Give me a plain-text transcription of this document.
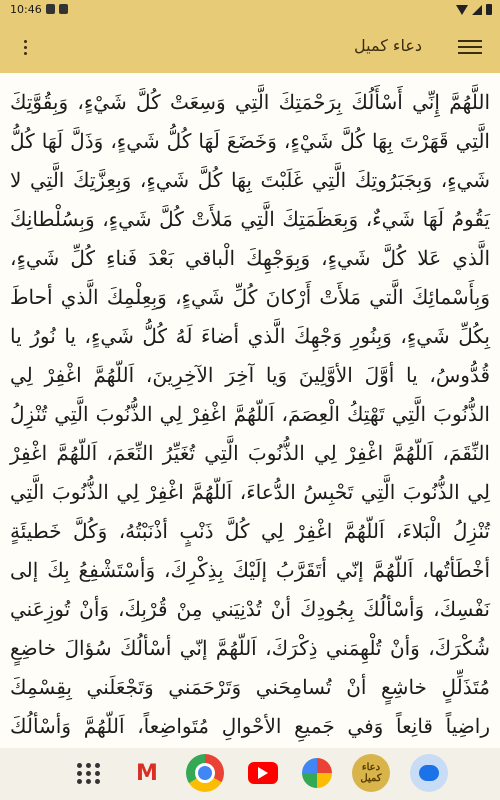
10:46
دعاء كميل

اللَّهُمَّ إِنِّي أَسْأَلُكَ بِرَحْمَتِكَ الَّتِي وَسِعَتْ كُلَّ شَيْءٍ، وَبِقُوَّتِكَ الَّتِي قَهَرْتَ بِهَا كُلَّ شَيْءٍ، وَخَضَعَ لَهَا كُلُّ شَيءٍ، وَذَلَّ لَهَا كُلُّ شَيءٍ، وَبِجَبَرُوتِكَ الَّتِي غَلَبْتَ بِهَا كُلَّ شَيءٍ، وَبِعِزَّتِكَ الَّتِي لا يَقُومُ لَهَا شَيءٌ، وَبِعَظَمَتِكَ الَّتِي مَلأَتْ كُلَّ شَيءٍ، وَبِسُلْطانِكَ الَّذي عَلا كُلَّ شَيءٍ، وَبِوَجْهِكَ الْباقي بَعْدَ فَناءِ كُلِّ شَيءٍ، وَبِأَسْمائِكَ الَّتي مَلأَتْ أَرْكانَ كُلِّ شَيءٍ، وَبِعِلْمِكَ الَّذي أحاطَ بِكُلِّ شَيءٍ، وَبِنُورِ وَجْهِكَ الَّذي أضاءَ لَهُ كُلُّ شَيءٍ، يا نُورُ يا قُدُّوسُ، يا أوَّلَ الأوَّلِينَ وَيا آخِرَ الآخِرِينَ، اَللّهُمَّ اغْفِرْ لِي الذُّنُوبَ الَّتِي تَهْتِكُ الْعِصَمَ، اَللّهُمَّ اغْفِرْ لِي الذُّنُوبَ الَّتِي تُنْزِلُ النِّقَمَ، اَللّهُمَّ اغْفِرْ لِي الذُّنُوبَ الَّتِي تُغَيِّرُ النِّعَمَ، اَللّهُمَّ اغْفِرْ لِي الذُّنُوبَ الَّتِي تَحْبِسُ الدُّعاءَ، اَللّهُمَّ اغْفِرْ لِي الذُّنُوبَ الَّتِي تُنْزِلُ الْبَلاءَ، اَللّهُمَّ اغْفِرْ لِي كُلَّ ذَنْبٍ أذْنَبْتُهُ، وَكُلَّ خَطيئَةٍ أخْطَأتُها، اَللّهُمَّ إنّي أتَقَرَّبُ إلَيْكَ بِذِكْرِكَ، وَأسْتَشْفِعُ بِكَ إلى نَفْسِكَ، وَأسْألُكَ بِجُودِكَ أنْ تُدْنِيَني مِنْ قُرْبِكَ، وَأنْ تُوزِعَني شُكْرَكَ، وَأنْ تُلْهِمَني ذِكْرَكَ، اَللّهُمَّ إنّي أسْألُكَ سُؤالَ خاضِعٍ مُتَذَلِّلٍ خاشِعٍ أنْ تُسامِحَني وَتَرْحَمَني وَتَجْعَلَني بِقِسْمِكَ راضِياً قانِعاً وَفي جَميعِ الأحْوالِ مُتَواضِعاً، اَللّهُمَّ وَأسْألُكَ

M	دعاء كميل
